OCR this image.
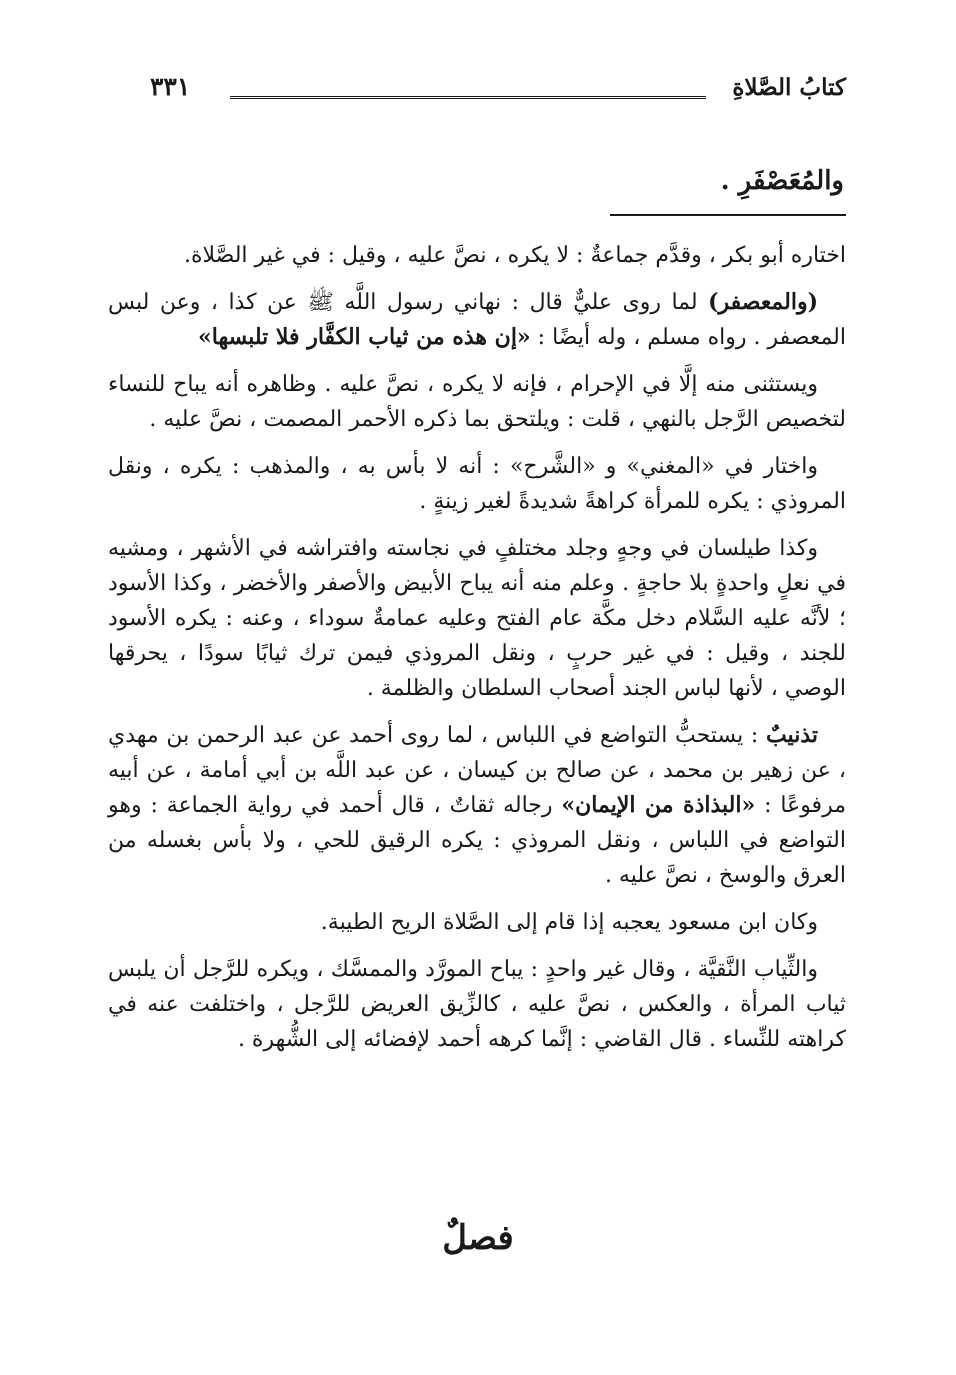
كتابُ الصَّلاةِ
٣٣١
والمُعَصْفَرِ .

اختاره أبو بكر ، وقدَّم جماعةٌ : لا يكره ، نصَّ عليه ، وقيل : في غير الصَّلاة.

(والمعصفر) لما روى عليٌّ قال : نهاني رسول اللَّه ﷺ عن كذا ، وعن لبس المعصفر . رواه مسلم ، وله أيضًا : «إن هذه من ثياب الكفَّار فلا تلبسها»

ويستثنى منه إلَّا في الإحرام ، فإنه لا يكره ، نصَّ عليه . وظاهره أنه يباح للنساء لتخصيص الرَّجل بالنهي ، قلت : ويلتحق بما ذكره الأحمر المصمت ، نصَّ عليه .

واختار في «المغني» و «الشَّرح» : أنه لا بأس به ، والمذهب : يكره ، ونقل المروذي : يكره للمرأة كراهةً شديدةً لغير زينةٍ .

وكذا طيلسان في وجهٍ وجلد مختلفٍ في نجاسته وافتراشه في الأشهر ، ومشيه في نعلٍ واحدةٍ بلا حاجةٍ . وعلم منه أنه يباح الأبيض والأصفر والأخضر ، وكذا الأسود ؛ لأنَّه عليه السَّلام دخل مكَّة عام الفتح وعليه عمامةٌ سوداء ، وعنه : يكره الأسود للجند ، وقيل : في غير حربٍ ، ونقل المروذي فيمن ترك ثيابًا سودًا ، يحرقها الوصي ، لأنها لباس الجند أصحاب السلطان والظلمة .

تذنيبٌ : يستحبُّ التواضع في اللباس ، لما روى أحمد عن عبد الرحمن بن مهدي ، عن زهير بن محمد ، عن صالح بن كيسان ، عن عبد اللَّه بن أبي أمامة ، عن أبيه مرفوعًا : «البذاذة من الإيمان» رجاله ثقاتٌ ، قال أحمد في رواية الجماعة : وهو التواضع في اللباس ، ونقل المروذي : يكره الرقيق للحي ، ولا بأس بغسله من العرق والوسخ ، نصَّ عليه .

وكان ابن مسعود يعجبه إذا قام إلى الصَّلاة الريح الطيبة.

والثِّياب النَّقيَّة ، وقال غير واحدٍ : يباح المورَّد والممسَّك ، ويكره للرَّجل أن يلبس ثياب المرأة ، والعكس ، نصَّ عليه ، كالزِّيق العريض للرَّجل ، واختلفت عنه في كراهته للنِّساء . قال القاضي : إنَّما كرهه أحمد لإفضائه إلى الشُّهرة .

فصلٌ
